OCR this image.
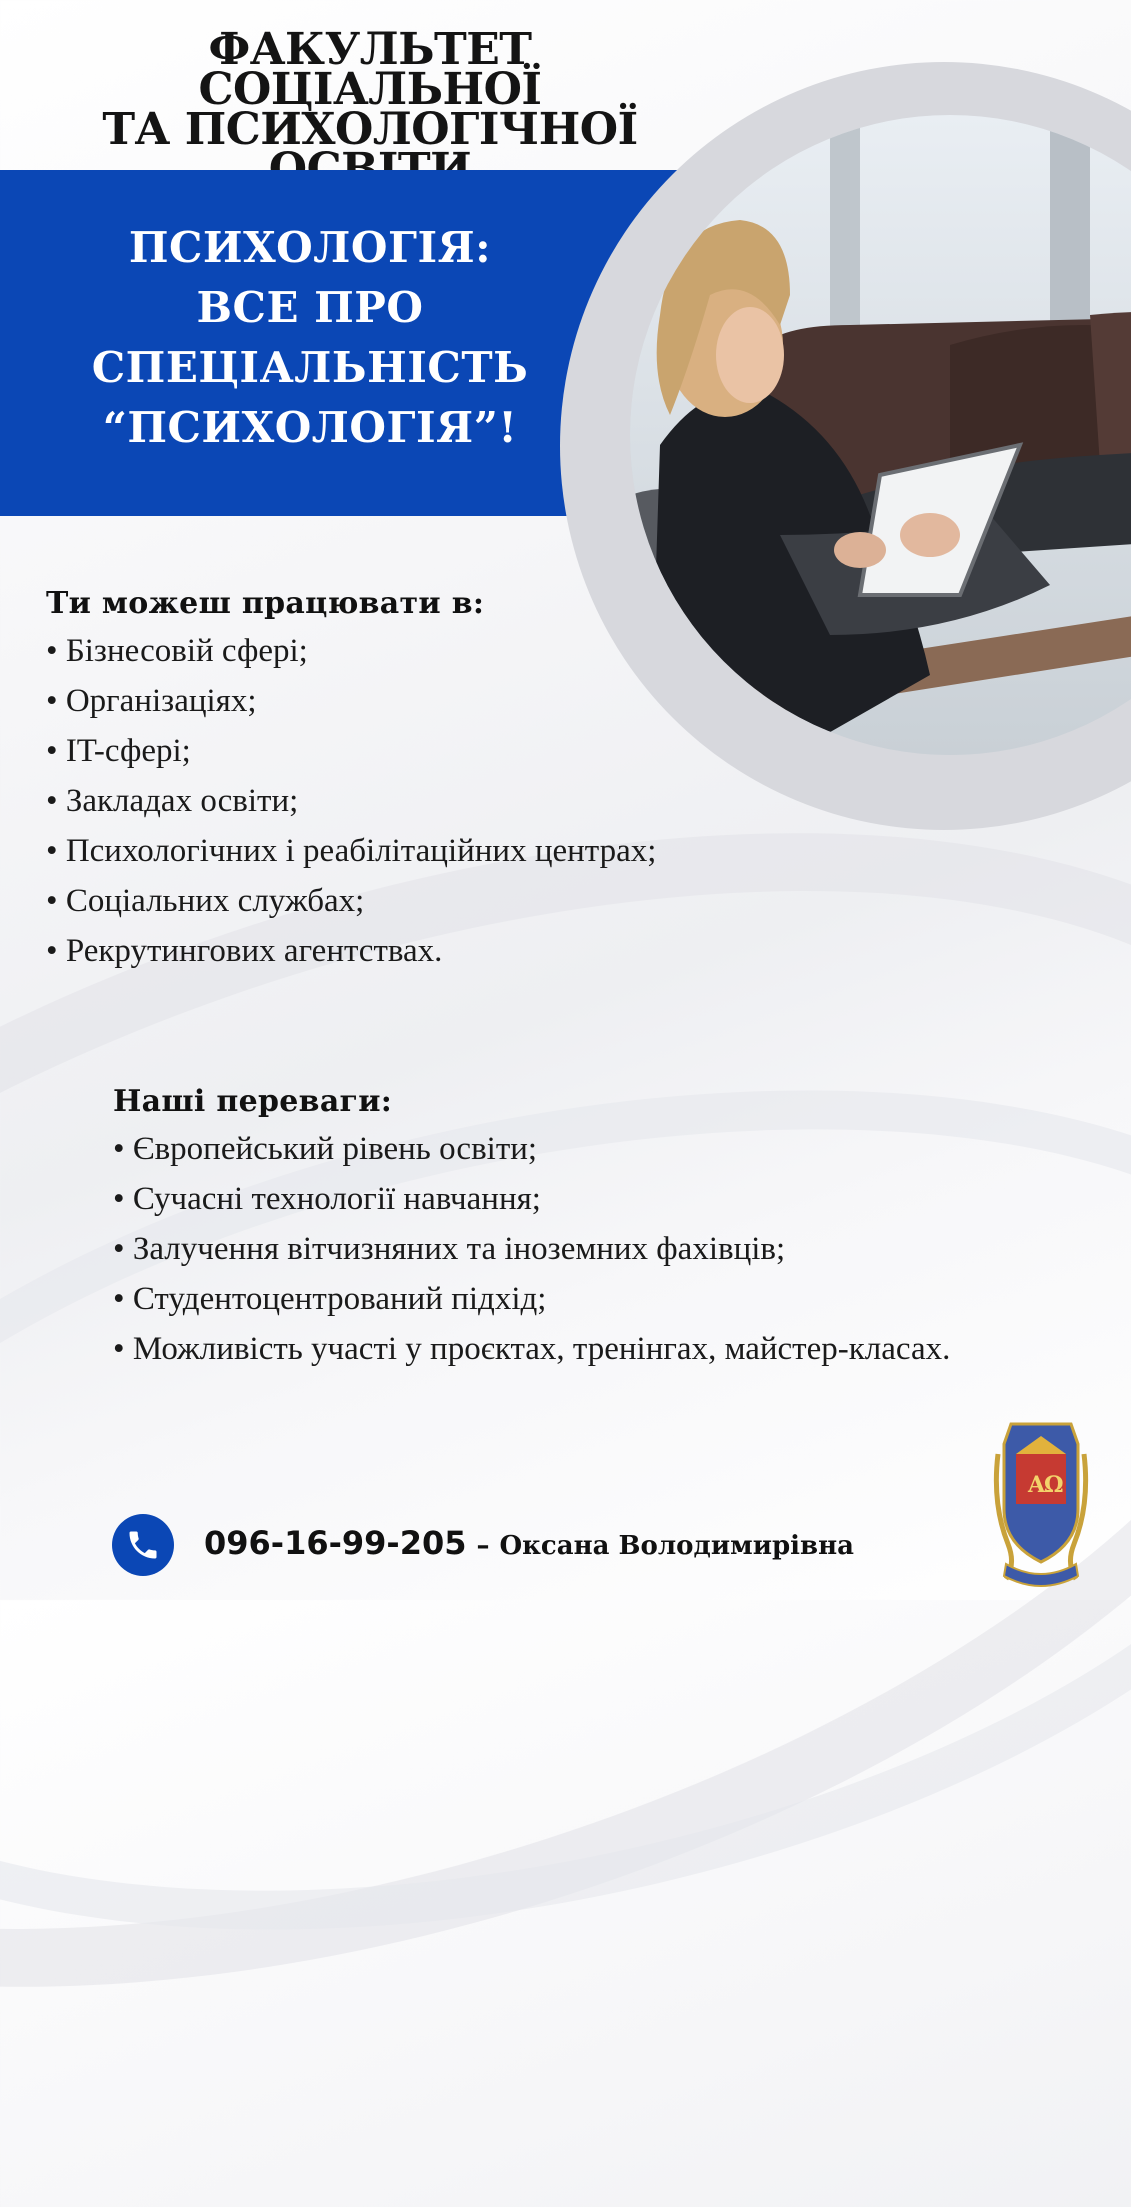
ФАКУЛЬТЕТ СОЦІАЛЬНОЇ
ТА ПСИХОЛОГІЧНОЇ
ПСИХОЛОГІЯ:
ВСЕ ПРО
СПЕЦІАЛЬНІСТЬ
“ПСИХОЛОГІЯ”!
Ти можеш працювати в:
• Бізнесовій сфері;
• Організаціях;
• IT-сфері;
• Закладах освіти;
• Психологічних і реабілітаційних центрах;
• Соціальних службах;
• Рекрутингових агентствах.
Наші переваги:
• Європейський рівень освіти;
• Сучасні технології навчання;
• Залучення вітчизняних та іноземних фахівців;
• Студентоцентрований підхід;
• Можливість участі у проєктах, тренінгах, майстер-класах.
096-16-99-205 – Оксана Володимирівна
A
Ω
